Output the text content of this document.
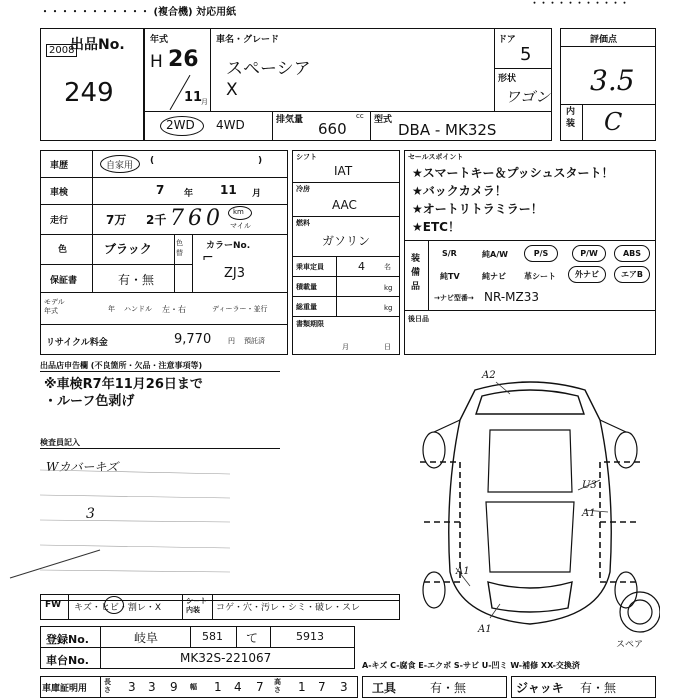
・・・・・・・・・・・ (複合機) 対応用紙
・・・・・・・・・・・
出品No.
2008
249
年式
H 26
11
月
車名・グレード
スペーシア
X
ドア
5
形状
ワゴン
2WD 4WD	排気量	cc
660	型式
DBA - MK32S
評価点
3.5
内装 C
車歴	自家用 (	)
車検	7 年 11 月
走行	7万 2千 760 km
マイル
色	ブラック	色替
カラーNo.
⌐
ZJ3
保証書	有・無
モデル年式	年 ハンドル 左・右	ディーラー・並行
リサイクル料金	9,770 円 預託済
シフト
IAT
冷房
AAC
燃料
ガソリン
乗車定員	4	名
積載量	kg
総重量	kg
書類期限
月	日
セールスポイント
★スマートキー＆プッシュスタート！
★バックカメラ！
★オートリトラミラー！
★ETC！
装備品
S/R	純A/W	P/S	P/W	ABS
純TV	純ナビ 革シート	外ナビ	エアB
→ナビ型番→ NR-MZ33
後日品
出品店申告欄 (不良箇所・欠品・注意事項等)
※車検R7年11月26日まで
・ルーフ色剥げ
検査員記入
Wカバーキズ
3
A2
U3
A1
A1
A1
スペア
FW キズ・ヒビ・割レ・X
シート内装	コゲ・穴・汚レ・シミ・破レ・スレ
登録No.	岐阜	581 て	5913
車台No.	MK32S-221067
A-キズ C-腐食 E-エクボ S-サビ U-凹ミ W-補修 XX-交換済
車庫証明用
長さ 3 3 9 幅 1 4 7 高さ 1 7 3 工具	有・無	ジャッキ 有・無
